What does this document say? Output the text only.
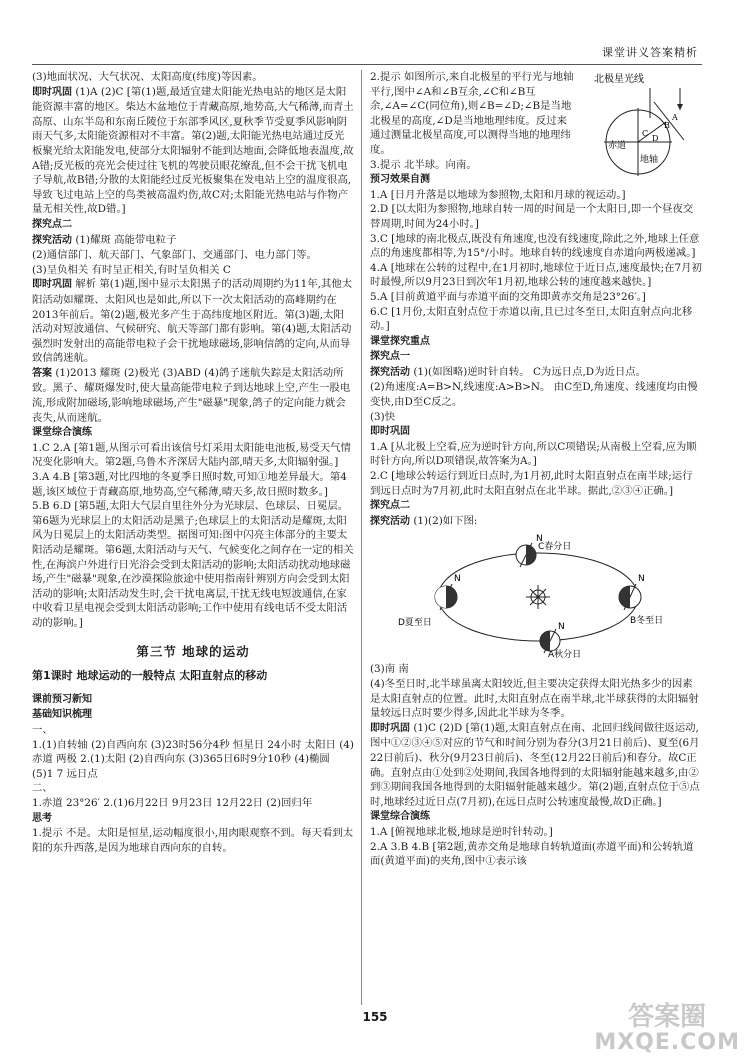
课堂讲义答案精析

(3)地面状况、大气状况、太阳高度(纬度)等因素。

即时巩固 (1)A (2)C [第(1)题,最适宜建太阳能光热电站的地区是太阳能资源丰富的地区。柴达木盆地位于青藏高原,地势高,大气稀薄,而青土高原、山东半岛和东南丘陵位于东部季风区,夏秋季节受夏季风影响阴雨天气多,太阳能资源相对不丰富。第(2)题,太阳能光热电站通过反光板聚光给太阳能发电,使部分太阳辐射不能到达地面,会降低地表温度,故A错;反光板的亮光会使过往飞机的驾驶员眼花缭乱,但不会干扰飞机电子导航,故B错;分散的太阳能经过反光板聚集在发电站上空的温度很高,导致飞过电站上空的鸟类被高温灼伤,故C对;太阳能光热电站与作物产量无相关性,故D错。]

探究点二

探究活动 (1)耀斑 高能带电粒子

(2)通信部门、航天部门、气象部门、交通部门、电力部门等。

(3)呈负相关 有时呈正相关,有时呈负相关 C

即时巩固 解析 第(1)题,图中显示太阳黑子的活动周期约为11年,其他太阳活动如耀斑、太阳风也是如此,所以下一次太阳活动的高峰期约在2013年前后。第(2)题,极光多产生于高纬度地区附近。第(3)题,太阳活动对短波通信、气候研究、航天等部门都有影响。第(4)题,太阳活动强烈时发射出的高能带电粒子会干扰地球磁场,影响信鸽的定向,从而导致信鸽迷航。

答案 (1)2013 耀斑 (2)极光 (3)ABD (4)鸽子迷航失踪是太阳活动所致。黑子、耀斑爆发时,使大量高能带电粒子到达地球上空,产生一股电流,形成附加磁场,影响地球磁场,产生"磁暴"现象,鸽子的定向能力就会丧失,从而迷航。

课堂综合演练

1.C 2.A [第1题,从图示可看出该信号灯采用太阳能电池板,易受天气情况变化影响大。第2题,乌鲁木齐深居大陆内部,晴天多,太阳辐射强。]

3.A 4.B [第3题,对比四地的冬夏季日照时数,可知①地差异最大。第4题,该区域位于青藏高原,地势高,空气稀薄,晴天多,故日照时数多。]

5.B 6.D [第5题,太阳大气层自里往外分为光球层、色球层、日冕层。第6题为光球层上的太阳活动是黑子;色球层上的太阳活动是耀斑,太阳风为日冕层上的太阳活动类型。据图可知:图中闪亮主体部分的主要太阳活动是耀斑。第6题,太阳活动与天气、气候变化之间存在一定的相关性,在海滨户外进行日光浴会受到太阳活动的影响;太阳活动扰动地球磁场,产生"磁暴"现象,在沙漠探险旅途中使用指南针辨别方向会受到太阳活动的影响;太阳活动发生时,会干扰电离层,干扰无线电短波通信,在家中收看卫星电视会受到太阳活动影响;工作中使用有线电话不受太阳活动的影响。]

第三节 地球的运动
第1课时 地球运动的一般特点 太阳直射点的移动

课前预习新知

基础知识梳理

一、

1.(1)自转轴 (2)自西向东 (3)23时56分4秒 恒星日 24小时 太阳日 (4)赤道 两极 2.(1)太阳 (2)自西向东 (3)365日6时9分10秒 (4)椭圆 (5)1 7 远日点

二、

1.赤道 23°26′ 2.(1)6月22日 9月23日 12月22日 (2)回归年

思考

1.提示 不是。太阳是恒星,运动幅度很小,用肉眼观察不到。每天看到太阳的东升西落,是因为地球自西向东的自转。

北极星光线
赤道
地轴
A
B
C
D

2.提示 如图所示,来自北极星的平行光与地轴平行,图中∠A和∠B互余,∠C和∠B互余,∠A=∠C(同位角),则∠B=∠D;∠B是当地北极星的高度,∠D是当地地理纬度。反过来通过测量北极星高度,可以测得当地的地理纬度。

3.提示 北半球。向南。

预习效果自测

1.A [日月升落是以地球为参照物,太阳和月球的视运动。]

2.D [以太阳为参照物,地球自转一周的时间是一个太阳日,即一个昼夜交替周期,时间为24小时。]

3.C [地球的南北极点,既没有角速度,也没有线速度,除此之外,地球上任意点的角速度都相等,为15°/小时。地球自转的线速度自赤道向两极递减。]

4.A [地球在公转的过程中,在1月初时,地球位于近日点,速度最快;在7月初时最慢,所以9月23日到次年1月初,地球公转的速度越来越快。]

5.A [目前黄道平面与赤道平面的交角即黄赤交角是23°26′。]

6.C [1月份,太阳直射点位于赤道以南,且已过冬至日,太阳直射点向北移动。]

课堂探究重点

探究点一

探究活动 (1)(如图略)逆时针自转。 C为远日点,D为近日点。

(2)角速度:A=B>N,线速度:A>B>N。 由C至D,角速度、线速度均由慢变快,由D至C反之。

(3)快

即时巩固

1.A [从北极上空看,应为逆时针方向,所以C项错误;从南极上空看,应为顺时针方向,所以D项错误,故答案为A。]

2.C [地球公转运行到近日点时,为1月初,此时太阳直射点在南半球;运行到远日点时为7月初,此时太阳直射点在北半球。据此,②③④正确。]

探究点二

探究活动 (1)(2)如下图:

C春分日
D夏至日	B冬至日
A秋分日
N
N	N
N

(3)南 南

(4)冬至日时,北半球虽离太阳较近,但主要决定获得太阳光热多少的因素是太阳直射点的位置。此时,太阳直射点在南半球,北半球获得的太阳辐射量较远日点时要少得多,因此北半球为冬季。

即时巩固 (1)C (2)D [第(1)题,太阳直射点在南、北回归线间做往返运动,图中①②③④⑤对应的节气和时间分别为春分(3月21日前后)、夏至(6月22日前后)、秋分(9月23日前后)、冬至(12月22日前后)和春分。故C正确。直射点由①处到②处期间,我国各地得到的太阳辐射能越来越多,由②到③期间我国各地得到的太阳辐射能越来越少。第(2)题,直射点位于⑤点时,地球经过近日点(7月初),在远日点时公转速度最慢,故D正确。]

课堂综合演练

1.A [俯视地球北极,地球是逆时针转动。]

2.A 3.B 4.B [第2题,黄赤交角是地球自转轨道面(赤道平面)和公转轨道面(黄道平面)的夹角,图中①表示该

155	答案圈
MXQE.COM
